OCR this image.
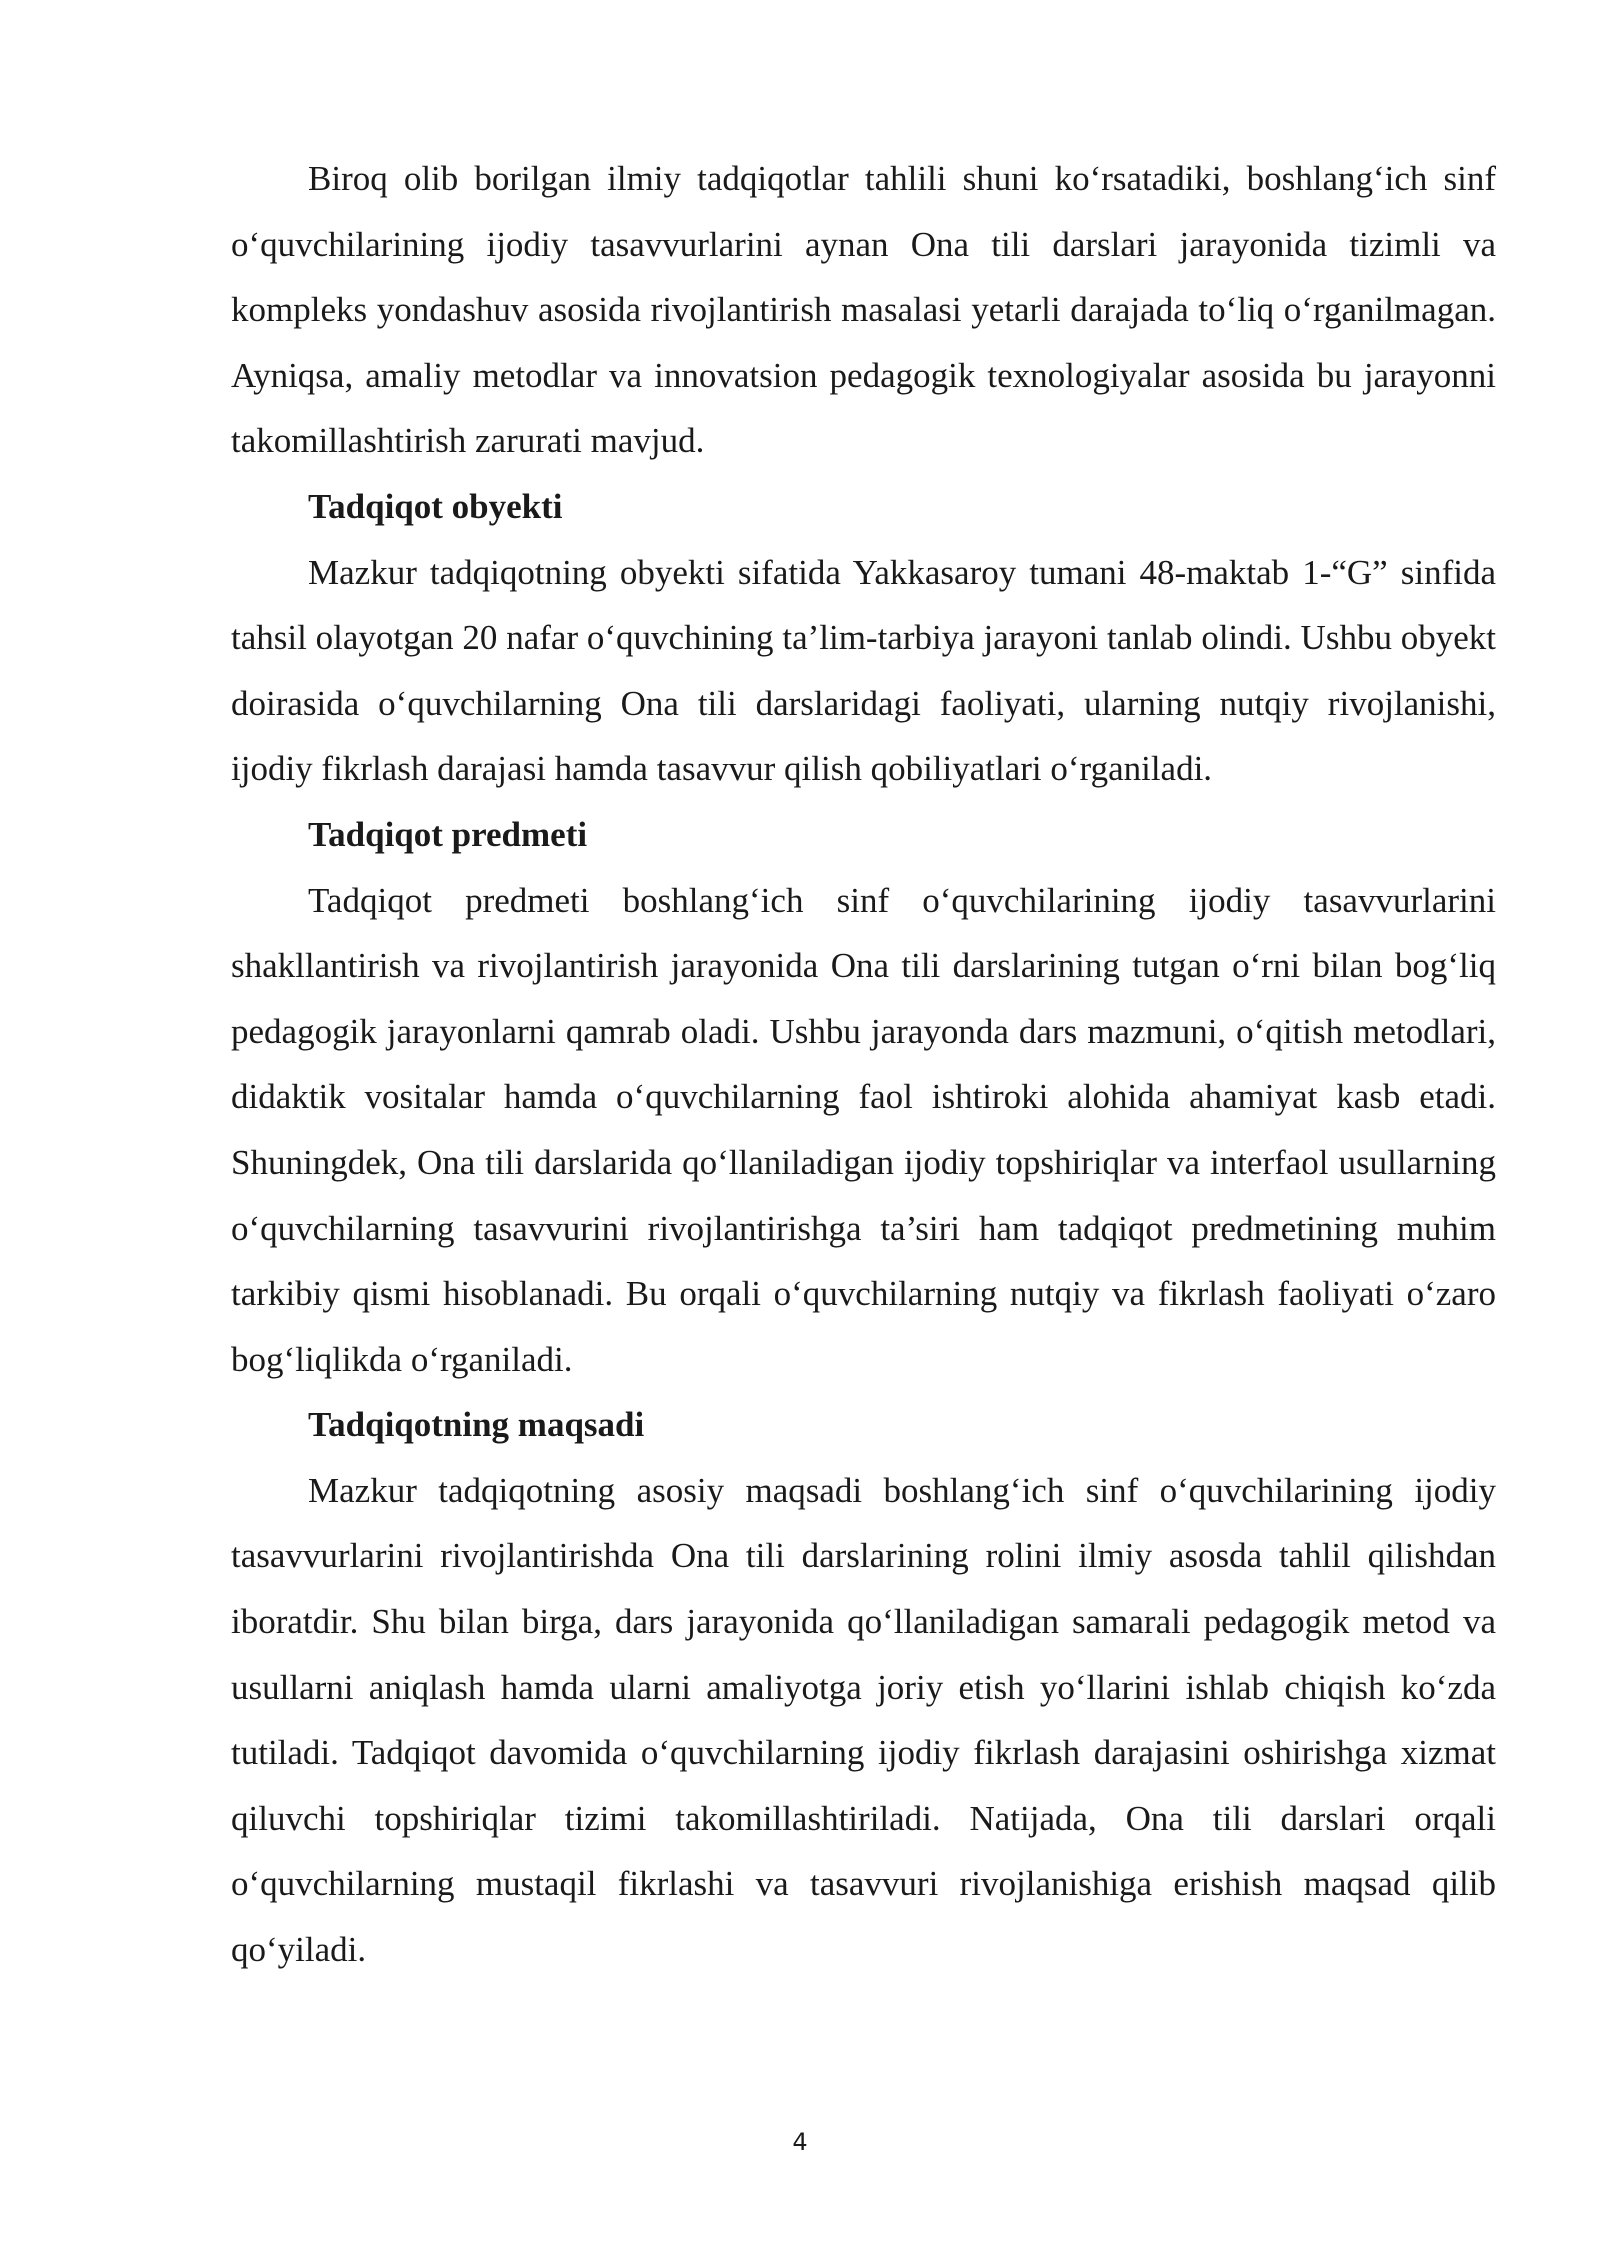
Biroq olib borilgan ilmiy tadqiqotlar tahlili shuni ko‘rsatadiki, boshlang‘ich sinf o‘quvchilarining ijodiy tasavvurlarini aynan Ona tili darslari jarayonida tizimli va kompleks yondashuv asosida rivojlantirish masalasi yetarli darajada to‘liq o‘rganilmagan. Ayniqsa, amaliy metodlar va innovatsion pedagogik texnologiyalar asosida bu jarayonni takomillashtirish zarurati mavjud.

Tadqiqot obyekti

Mazkur tadqiqotning obyekti sifatida Yakkasaroy tumani 48-maktab 1-“G” sinfida tahsil olayotgan 20 nafar o‘quvchining ta’lim-tarbiya jarayoni tanlab olindi. Ushbu obyekt doirasida o‘quvchilarning Ona tili darslaridagi faoliyati, ularning nutqiy rivojlanishi, ijodiy fikrlash darajasi hamda tasavvur qilish qobiliyatlari o‘rganiladi.

Tadqiqot predmeti

Tadqiqot predmeti boshlang‘ich sinf o‘quvchilarining ijodiy tasavvurlarini shakllantirish va rivojlantirish jarayonida Ona tili darslarining tutgan o‘rni bilan bog‘liq pedagogik jarayonlarni qamrab oladi. Ushbu jarayonda dars mazmuni, o‘qitish metodlari, didaktik vositalar hamda o‘quvchilarning faol ishtiroki alohida ahamiyat kasb etadi. Shuningdek, Ona tili darslarida qo‘llaniladigan ijodiy topshiriqlar va interfaol usullarning o‘quvchilarning tasavvurini rivojlantirishga ta’siri ham tadqiqot predmetining muhim tarkibiy qismi hisoblanadi. Bu orqali o‘quvchilarning nutqiy va fikrlash faoliyati o‘zaro bog‘liqlikda o‘rganiladi.

Tadqiqotning maqsadi

Mazkur tadqiqotning asosiy maqsadi boshlang‘ich sinf o‘quvchilarining ijodiy tasavvurlarini rivojlantirishda Ona tili darslarining rolini ilmiy asosda tahlil qilishdan iboratdir. Shu bilan birga, dars jarayonida qo‘llaniladigan samarali pedagogik metod va usullarni aniqlash hamda ularni amaliyotga joriy etish yo‘llarini ishlab chiqish ko‘zda tutiladi. Tadqiqot davomida o‘quvchilarning ijodiy fikrlash darajasini oshirishga xizmat qiluvchi topshiriqlar tizimi takomillashtiriladi. Natijada, Ona tili darslari orqali o‘quvchilarning mustaqil fikrlashi va tasavvuri rivojlanishiga erishish maqsad qilib qo‘yiladi.

4
